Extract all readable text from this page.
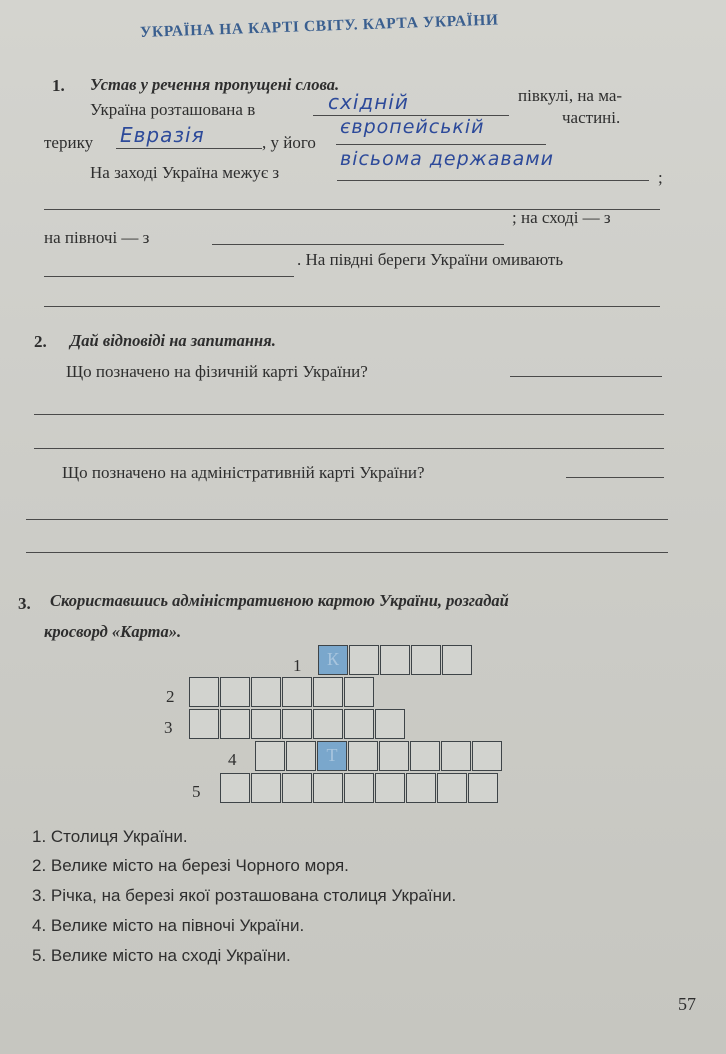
УКРАЇНА НА КАРТІ СВІТУ. КАРТА УКРАЇНИ
1. Устав у речення пропущені слова.
Україна розташована в	східній	півкулі, на ма-
терику Евразія	, у його
європейській	частині.
На заході Україна межує з
вісьома державами
;
на півночі — з
; на сході — з
. На півдні береги України омивають
2. Дай відповіді на запитання.
Що позначено на фізичній карті України?
Що позначено на адміністративній карті України?
3. Скориставшись адміністративною картою України, розгадай
кросворд «Карта».
1
2
3
4
5
К
Т
1. Столиця України.
2. Велике місто на березі Чорного моря.
3. Річка, на березі якої розташована столиця України.
4. Велике місто на півночі України.
5. Велике місто на сході України.
57
